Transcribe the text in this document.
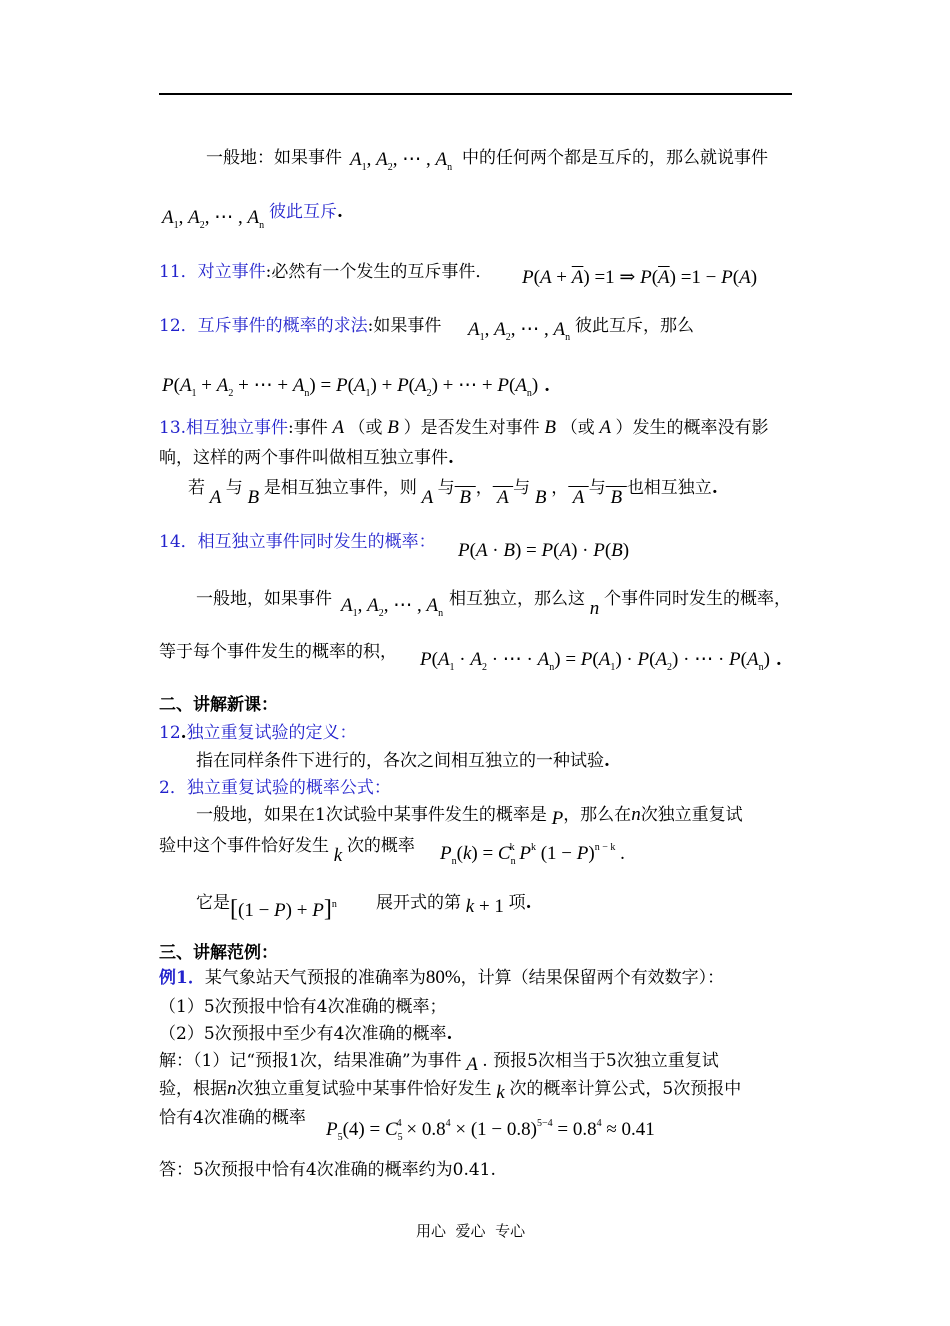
一般地：如果事件 $A_1$, $A_2$, ⋯ , $A_n$ 中的任何两个都是互斥的，那么就说事件
$A_1$, $A_2$, ⋯ , $A_n$
彼此互斥.
11．对立事件:必然有一个发生的互斥事件． $P(A + \overline{A}) =1$ ⇒ $P(\overline{A}) =1 - P(A)$
12．互斥事件的概率的求法:如果事件 $A_1$, $A_2$, ⋯ , $A_n$
彼此互斥，那么
$P(A_1 + A_2$ + ⋯ + $A_n) = P(A_1) + P(A_2)$ + ⋯ + $P(A_n)$ .
13.相互独立事件:事件 A （或 B ）是否发生对事件 B （或 A ）发生的概率没有影
响，这样的两个事件叫做相互独立事件.
若 A 与 B 是相互独立事件，则 A 与 B ， A 与 B ， A 与 B 也相互独立.
14．相互独立事件同时发生的概率： P(A · B) = P(A) · P(B)
一般地，如果事件 $A_1$, $A_2$, ⋯ , $A_n$
相互独立，那么这 n 个事件同时发生的概率，
等于每个事件发生的概率的积， $P(A_1 \cdot A_2$ · ⋯ · $A_n) = P(A_1) \cdot P(A_2)$ · ⋯ · $P(A_n)$ .
二、讲解新课：
12.独立重复试验的定义：
指在同样条件下进行的，各次之间相互独立的一种试验.
2．独立重复试验的概率公式：
一般地，如果在1次试验中某事件发生的概率是 P，那么在n次独立重复试
验中这个事件恰好发生 k 次的概率 $P_n(k) = C_n^k$ $P^k$ $(1 - P)^{n - k}$ .
它是 $[(1 - P) + P]^n$ 展开式的第 k + 1 项.
三、讲解范例：
例1．某气象站天气预报的准确率为80%，计算（结果保留两个有效数字）：
（1）5次预报中恰有4次准确的概率；
（2）5次预报中至少有4次准确的概率.
解：（1）记“预报1次，结果准确”为事件 A . 预报5次相当于5次独立重复试
验，根据n次独立重复试验中某事件恰好发生 k 次的概率计算公式，5次预报中
恰有4次准确的概率
$P_5(4) = C_5^4 \times 0.8^4 \times (1 - 0.8)^{5-4} = 0.8^4 \approx 0.41$
答：5次预报中恰有4次准确的概率约为0.41.
用心  爱心  专心
